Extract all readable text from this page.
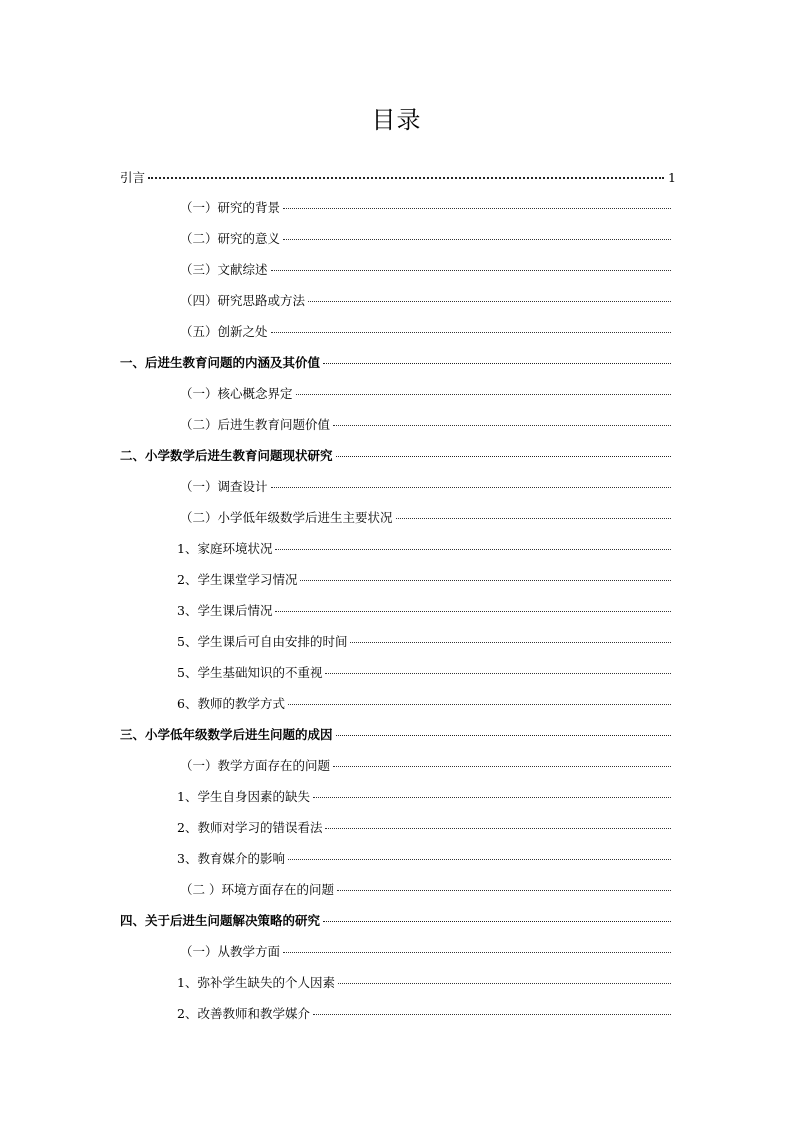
目录
引言	1
（一）研究的背景
（二）研究的意义
（三）文献综述
（四）研究思路或方法
（五）创新之处
一、后进生教育问题的内涵及其价值
（一）核心概念界定
（二）后进生教育问题价值
二、小学数学后进生教育问题现状研究
（一）调查设计
（二）小学低年级数学后进生主要状况
1、家庭环境状况
2、学生课堂学习情况
3、学生课后情况
5、学生课后可自由安排的时间
5、学生基础知识的不重视
6、教师的教学方式
三、小学低年级数学后进生问题的成因
（一）教学方面存在的问题
1、学生自身因素的缺失
2、教师对学习的错误看法
3、教育媒介的影响
（二 ）环境方面存在的问题
四、关于后进生问题解决策略的研究
（一）从教学方面
1、弥补学生缺失的个人因素
2、改善教师和教学媒介
